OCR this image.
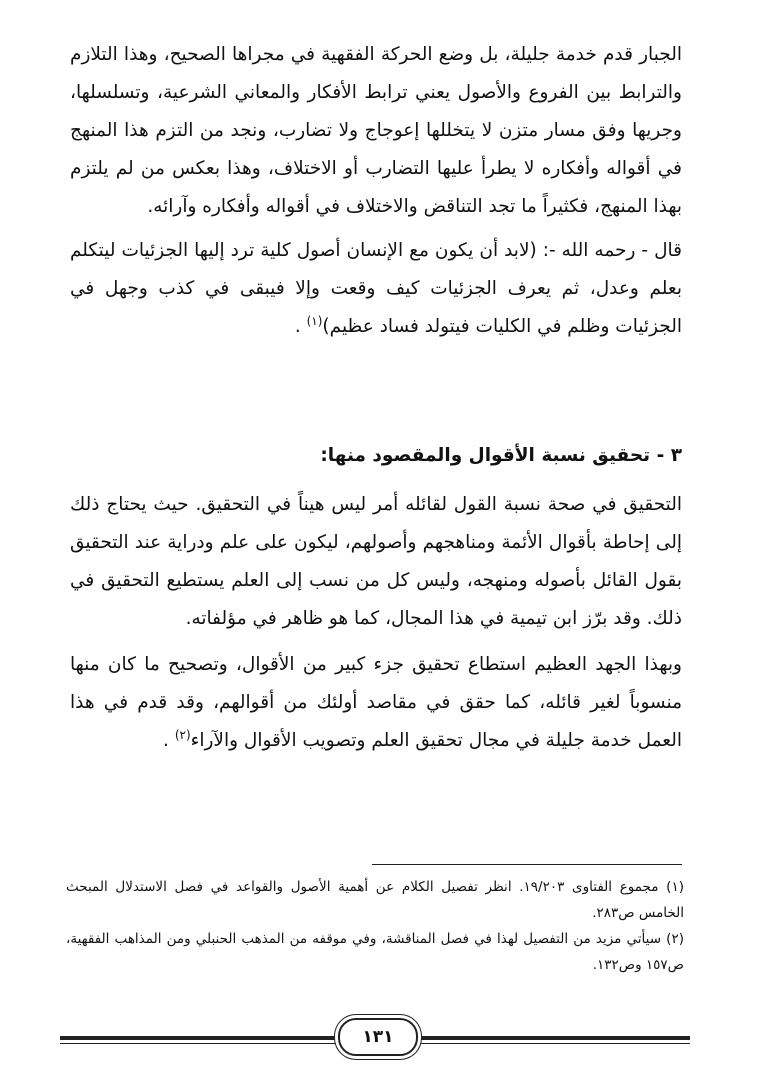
الجبار قدم خدمة جليلة، بل وضع الحركة الفقهية في مجراها الصحيح، وهذا التلازم والترابط بين الفروع والأصول يعني ترابط الأفكار والمعاني الشرعية، وتسلسلها، وجريها وفق مسار متزن لا يتخللها إعوجاج ولا تضارب، ونجد من التزم هذا المنهج في أقواله وأفكاره لا يطرأ عليها التضارب أو الاختلاف، وهذا بعكس من لم يلتزم بهذا المنهج، فكثيراً ما تجد التناقض والاختلاف في أقواله وأفكاره وآرائه.

قال - رحمه الله -: (لابد أن يكون مع الإنسان أصول كلية ترد إليها الجزئيات ليتكلم بعلم وعدل، ثم يعرف الجزئيات كيف وقعت وإلا فيبقى في كذب وجهل في الجزئيات وظلم في الكليات فيتولد فساد عظيم)$^{(١)}$ .

٣ - تحقيق نسبة الأقوال والمقصود منها:

التحقيق في صحة نسبة القول لقائله أمر ليس هيناً في التحقيق. حيث يحتاج ذلك إلى إحاطة بأقوال الأئمة ومناهجهم وأصولهم، ليكون على علم ودراية عند التحقيق بقول القائل بأصوله ومنهجه، وليس كل من نسب إلى العلم يستطيع التحقيق في ذلك. وقد برّز ابن تيمية في هذا المجال، كما هو ظاهر في مؤلفاته.

وبهذا الجهد العظيم استطاع تحقيق جزء كبير من الأقوال، وتصحيح ما كان منها منسوباً لغير قائله، كما حقق في مقاصد أولئك من أقوالهم، وقد قدم في هذا العمل خدمة جليلة في مجال تحقيق العلم وتصويب الأقوال والآراء$^{(٢)}$ .

(١) مجموع الفتاوى ١٩/٢٠٣. انظر تفصيل الكلام عن أهمية الأصول والقواعد في فصل الاستدلال المبحث الخامس ص٢٨٣.

(٢) سيأتي مزيد من التفصيل لهذا في فصل المناقشة، وفي موقفه من المذهب الحنبلي ومن المذاهب الفقهية، ص١٥٧ وص١٣٢.

١٣١
